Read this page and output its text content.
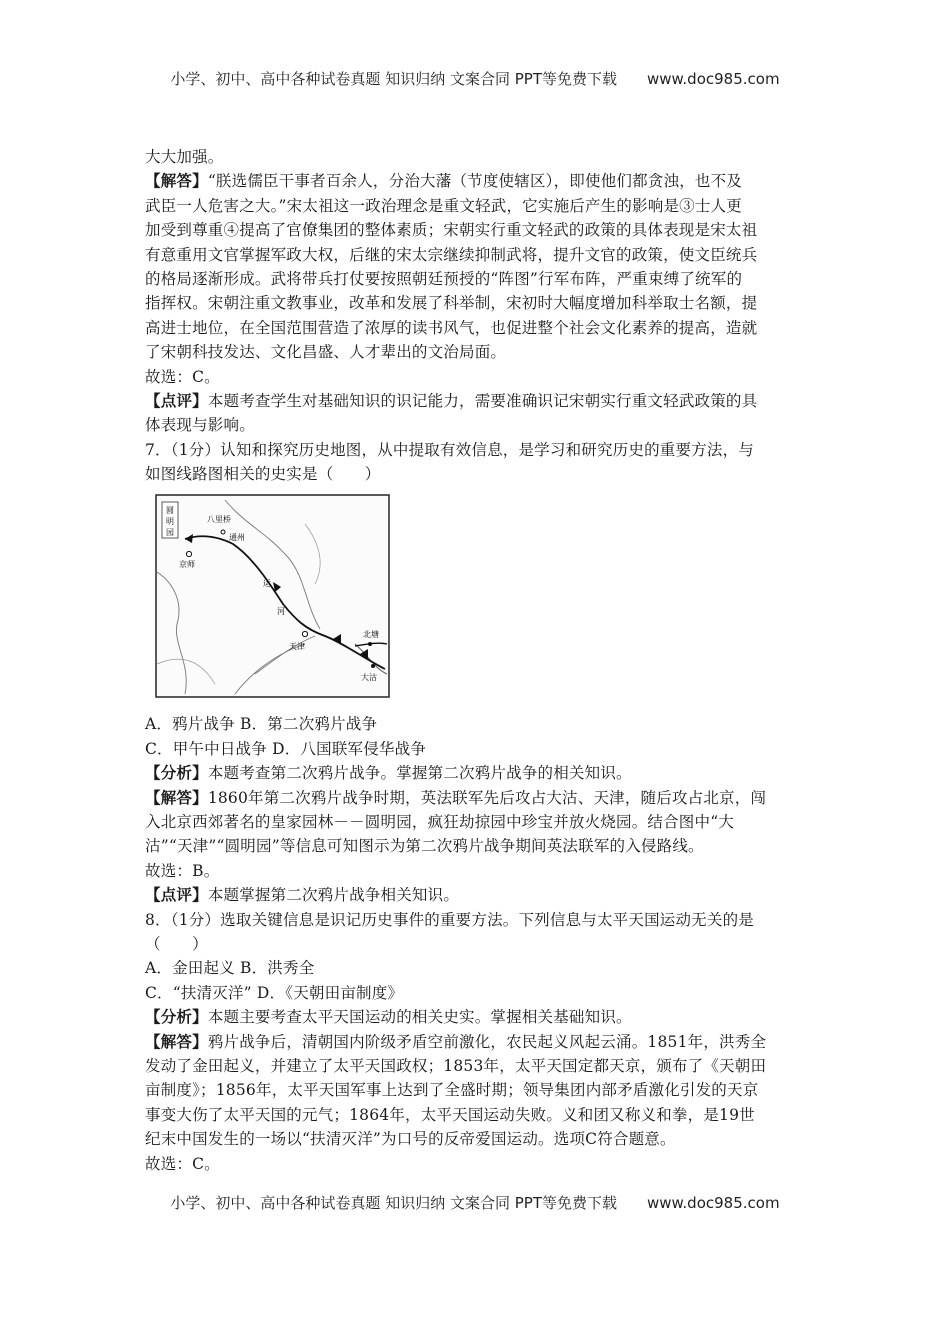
小学、初中、高中各种试卷真题 知识归纳 文案合同 PPT等免费下载 www.doc985.com
大大加强。
【解答】“朕选儒臣干事者百余人，分治大藩（节度使辖区），即使他们都贪浊，也不及
武臣一人危害之大。”宋太祖这一政治理念是重文轻武，它实施后产生的影响是③士人更
加受到尊重④提高了官僚集团的整体素质；宋朝实行重文轻武的政策的具体表现是宋太祖
有意重用文官掌握军政大权，后继的宋太宗继续抑制武将，提升文官的政策，使文臣统兵
的格局逐渐形成。武将带兵打仗要按照朝廷预授的“阵图”行军布阵，严重束缚了统军的
指挥权。宋朝注重文教事业，改革和发展了科举制，宋初时大幅度增加科举取士名额，提
高进士地位，在全国范围营造了浓厚的读书风气，也促进整个社会文化素养的提高，造就
了宋朝科技发达、文化昌盛、人才辈出的文治局面。
故选：C。
【点评】本题考查学生对基础知识的识记能力，需要准确识记宋朝实行重文轻武政策的具
体表现与影响。
7．（1分）认知和探究历史地图，从中提取有效信息，是学习和研究历史的重要方法，与
如图线路图相关的史实是（　　）
圆明园
八里桥
通州
京师
运
河
天津
北塘
大沽
A．鸦片战争 B．第二次鸦片战争
C．甲午中日战争 D．八国联军侵华战争
【分析】本题考查第二次鸦片战争。掌握第二次鸦片战争的相关知识。
【解答】1860年第二次鸦片战争时期，英法联军先后攻占大沽、天津，随后攻占北京，闯
入北京西郊著名的皇家园林－－圆明园，疯狂劫掠园中珍宝并放火烧园。结合图中“大
沽”“天津”“圆明园”等信息可知图示为第二次鸦片战争期间英法联军的入侵路线。
故选：B。
【点评】本题掌握第二次鸦片战争相关知识。
8．（1分）选取关键信息是识记历史事件的重要方法。下列信息与太平天国运动无关的是
（　　）
A．金田起义 B．洪秀全
C．“扶清灭洋” D．《天朝田亩制度》
【分析】本题主要考查太平天国运动的相关史实。掌握相关基础知识。
【解答】鸦片战争后，清朝国内阶级矛盾空前激化，农民起义风起云涌。1851年，洪秀全
发动了金田起义，并建立了太平天国政权；1853年，太平天国定都天京，颁布了《天朝田
亩制度》；1856年，太平天国军事上达到了全盛时期；领导集团内部矛盾激化引发的天京
事变大伤了太平天国的元气；1864年，太平天国运动失败。义和团又称义和拳，是19世
纪末中国发生的一场以“扶清灭洋”为口号的反帝爱国运动。选项C符合题意。
故选：C。
小学、初中、高中各种试卷真题 知识归纳 文案合同 PPT等免费下载 www.doc985.com
